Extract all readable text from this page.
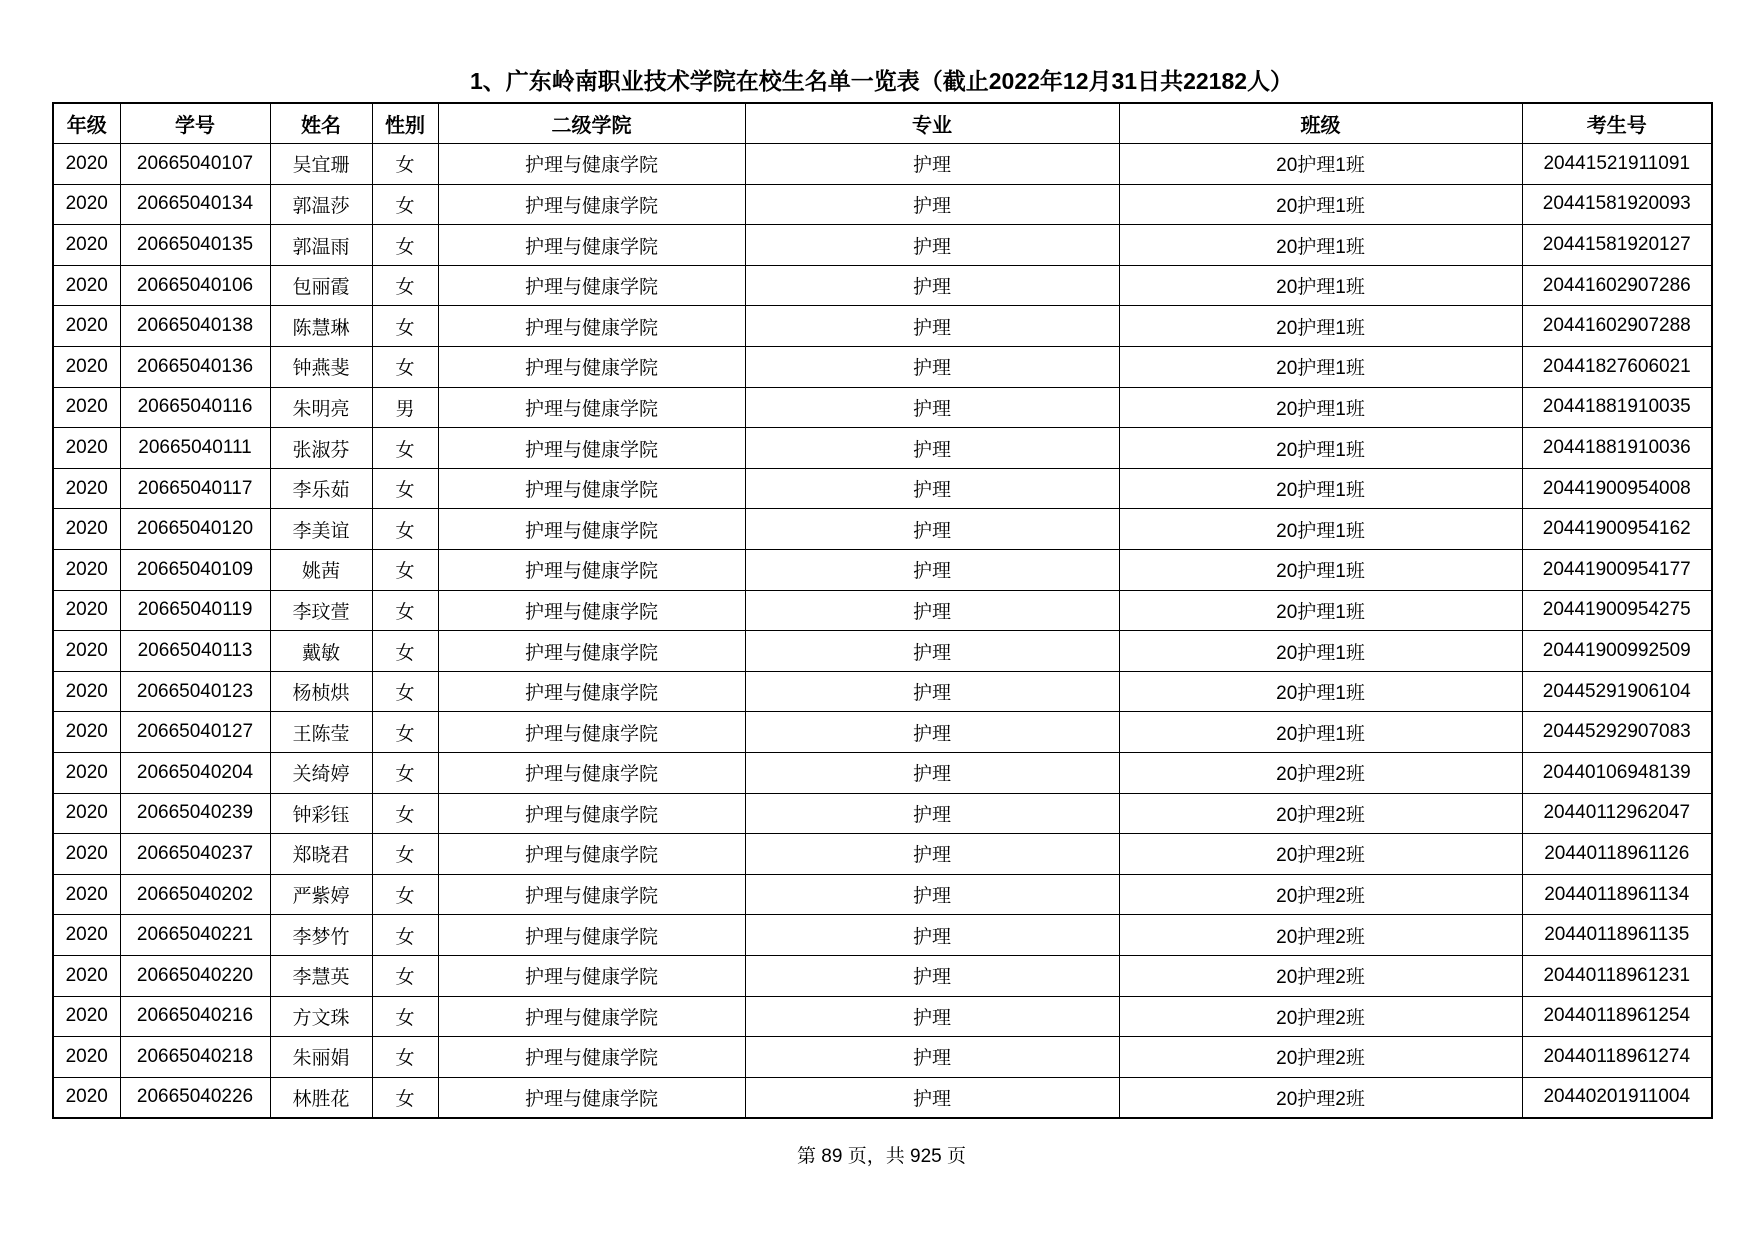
1、广东岭南职业技术学院在校生名单一览表（截止2022年12月31日共22182人）
年级	学号	姓名	性别	二级学院	专业	班级	考生号
2020	20665040107	吴宜珊	女	护理与健康学院	护理	20护理1班	20441521911091
2020	20665040134	郭温莎	女	护理与健康学院	护理	20护理1班	20441581920093
2020	20665040135	郭温雨	女	护理与健康学院	护理	20护理1班	20441581920127
2020	20665040106	包丽霞	女	护理与健康学院	护理	20护理1班	20441602907286
2020	20665040138	陈慧琳	女	护理与健康学院	护理	20护理1班	20441602907288
2020	20665040136	钟燕斐	女	护理与健康学院	护理	20护理1班	20441827606021
2020	20665040116	朱明亮	男	护理与健康学院	护理	20护理1班	20441881910035
2020	20665040111	张淑芬	女	护理与健康学院	护理	20护理1班	20441881910036
2020	20665040117	李乐茹	女	护理与健康学院	护理	20护理1班	20441900954008
2020	20665040120	李美谊	女	护理与健康学院	护理	20护理1班	20441900954162
2020	20665040109	姚茜	女	护理与健康学院	护理	20护理1班	20441900954177
2020	20665040119	李玟萱	女	护理与健康学院	护理	20护理1班	20441900954275
2020	20665040113	戴敏	女	护理与健康学院	护理	20护理1班	20441900992509
2020	20665040123	杨桢烘	女	护理与健康学院	护理	20护理1班	20445291906104
2020	20665040127	王陈莹	女	护理与健康学院	护理	20护理1班	20445292907083
2020	20665040204	关绮婷	女	护理与健康学院	护理	20护理2班	20440106948139
2020	20665040239	钟彩钰	女	护理与健康学院	护理	20护理2班	20440112962047
2020	20665040237	郑晓君	女	护理与健康学院	护理	20护理2班	20440118961126
2020	20665040202	严紫婷	女	护理与健康学院	护理	20护理2班	20440118961134
2020	20665040221	李梦竹	女	护理与健康学院	护理	20护理2班	20440118961135
2020	20665040220	李慧英	女	护理与健康学院	护理	20护理2班	20440118961231
2020	20665040216	方文珠	女	护理与健康学院	护理	20护理2班	20440118961254
2020	20665040218	朱丽娟	女	护理与健康学院	护理	20护理2班	20440118961274
2020	20665040226	林胜花	女	护理与健康学院	护理	20护理2班	20440201911004
第 89 页，共 925 页
